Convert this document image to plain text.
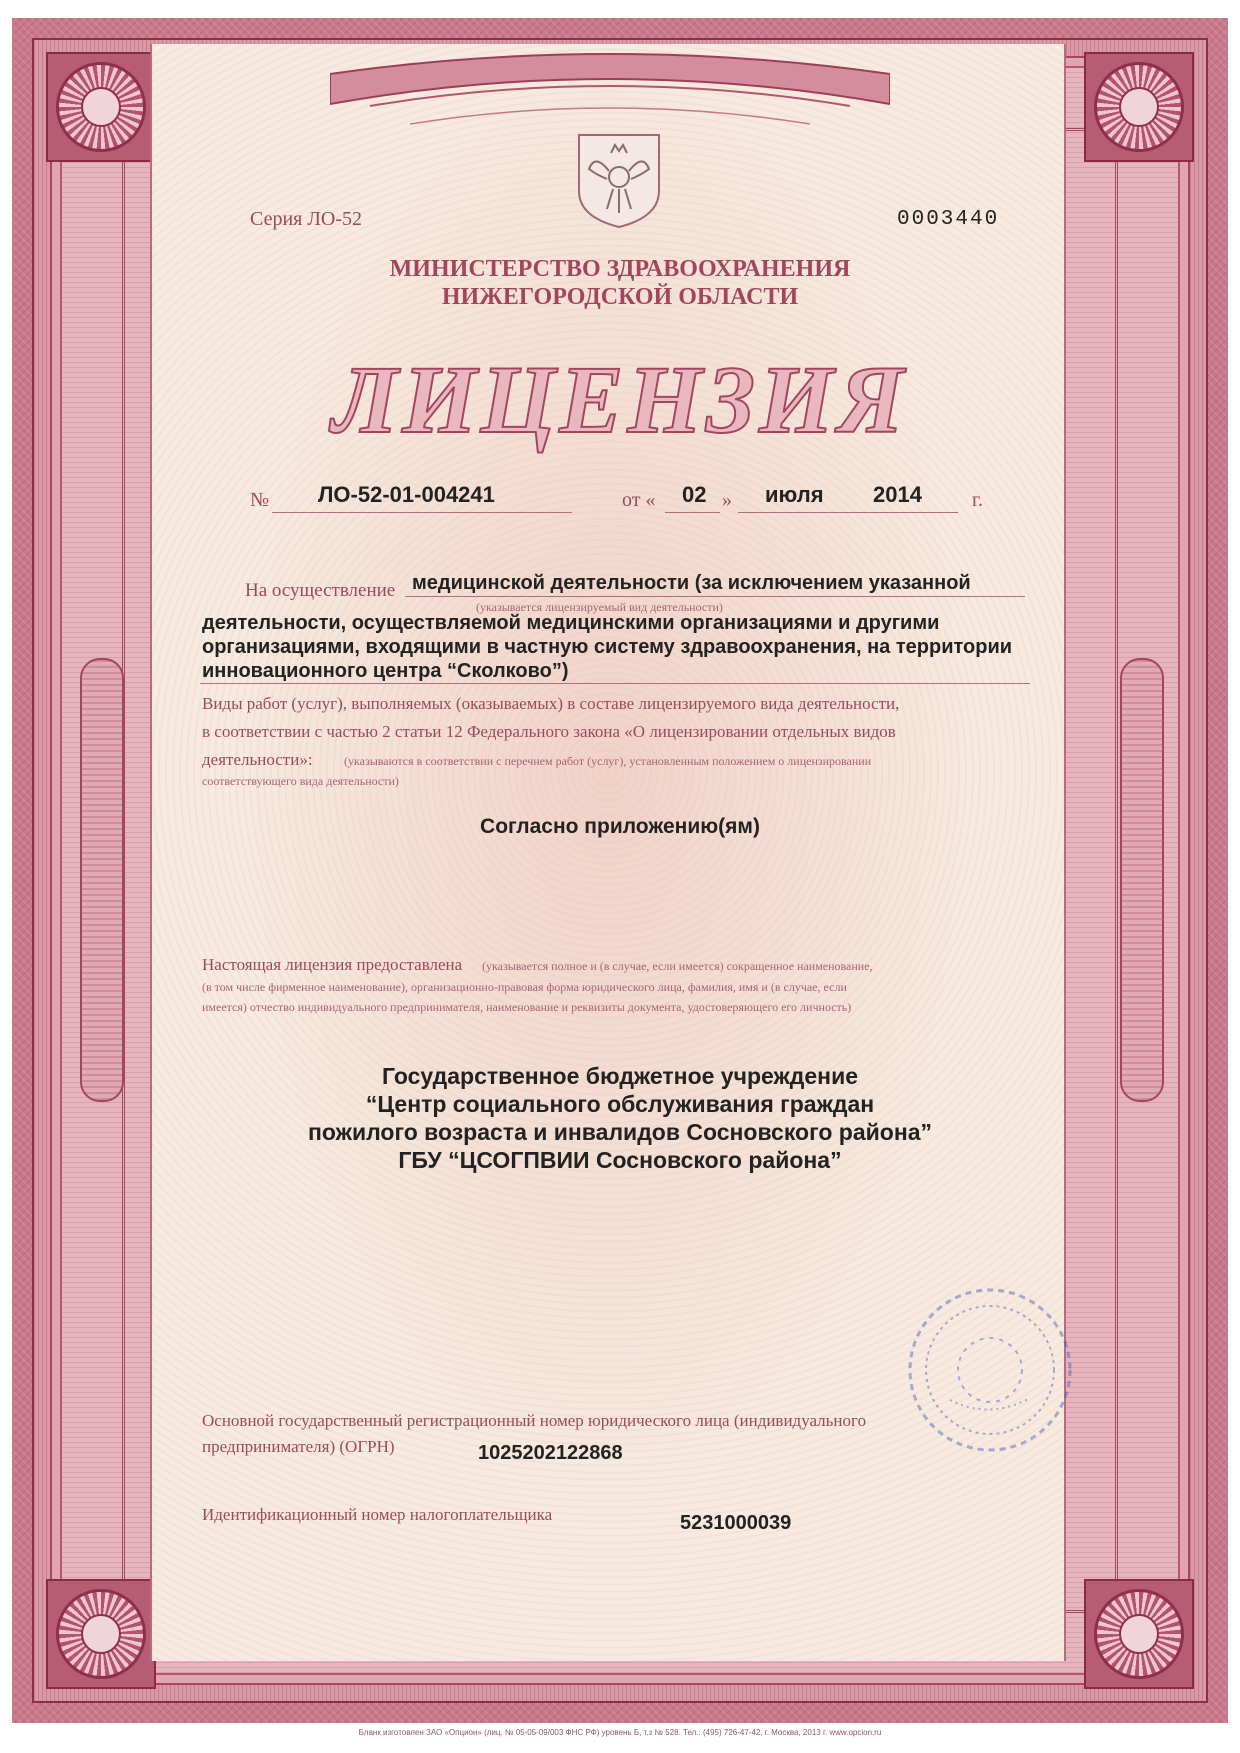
Серия ЛО-52	0003440
МИНИСТЕРСТВО ЗДРАВООХРАНЕНИЯ
НИЖЕГОРОДСКОЙ ОБЛАСТИ
ЛИЦЕНЗИЯ
№ ЛО-52-01-004241	от « 02 » июля 2014	г.
На осуществление медицинской деятельности (за исключением указанной
(указывается лицензируемый вид деятельности)
деятельности, осуществляемой медицинскими организациями и другими
организациями, входящими в частную систему здравоохранения, на территории
инновационного центра “Сколково”)
Виды работ (услуг), выполняемых (оказываемых) в составе лицензируемого вида деятельности,
в соответствии с частью 2 статьи 12 Федерального закона «О лицензировании отдельных видов
деятельности»:	(указываются в соответствии с перечнем работ (услуг), установленным положением о лицензировании
соответствующего вида деятельности)
Согласно приложению(ям)
Настоящая лицензия предоставлена (указывается полное и (в случае, если имеется) сокращенное наименование,
(в том числе фирменное наименование), организационно-правовая форма юридического лица, фамилия, имя и (в случае, если
имеется) отчество индивидуального предпринимателя, наименование и реквизиты документа, удостоверяющего его личность)
Государственное бюджетное учреждение
“Центр социального обслуживания граждан
пожилого возраста и инвалидов Сосновского района”
ГБУ “ЦСОГПВИИ Сосновского района”
Основной государственный регистрационный номер юридического лица (индивидуального
предпринимателя) (ОГРН)	1025202122868
Идентификационный номер налогоплательщика	5231000039
Бланк изготовлен ЗАО «Опцион» (лиц. № 05-05-09/003 ФНС РФ) уровень Б, т.з № 528. Тел.: (495) 726-47-42, г. Москва, 2013 г. www.opcion.ru
